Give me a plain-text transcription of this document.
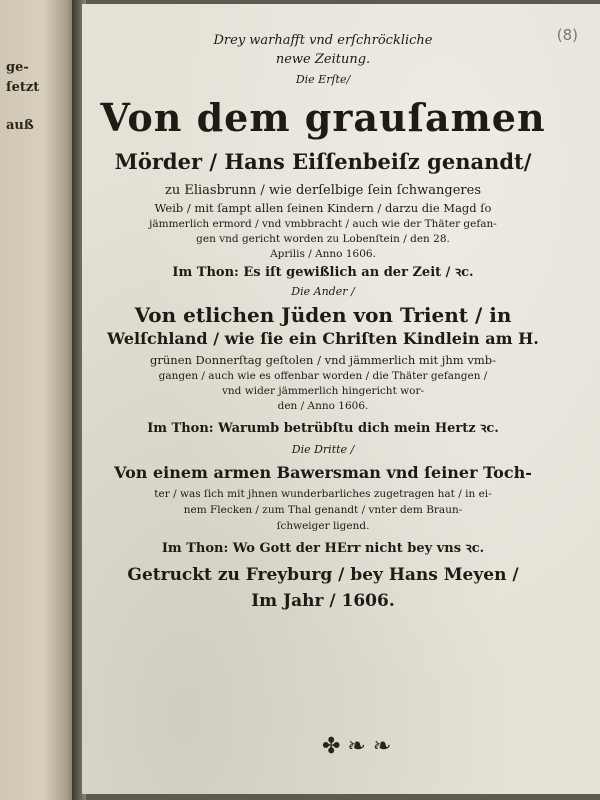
ge-
ſetzt
auß
(8)
Drey warhafft vnd erſchröckliche
newe Zeitung.
Die Erſte/
Von dem grauſamen
Mörder / Hans Eiſſenbeiſz genandt/
zu Eliasbrunn / wie derſelbige ſein ſchwangeres
Weib / mit ſampt allen ſeinen Kindern / darzu die Magd ſo
jämmerlich ermord / vnd vmbbracht / auch wie der Thäter gefan-
gen vnd gericht worden zu Lobenſtein / den 28.
Aprilis / Anno 1606.
Im Thon: Es iſt gewißlich an der Zeit / ꝛc.
Die Ander /
Von etlichen Jüden von Trient / in
Welſchland / wie ſie ein Chriſten Kindlein am H.
grünen Donnerſtag geſtolen / vnd jämmerlich mit jhm vmb-
gangen / auch wie es offenbar worden / die Thäter gefangen /
vnd wider jämmerlich hingericht wor-
den / Anno 1606.
Im Thon: Warumb betrübſtu dich mein Hertz ꝛc.
Die Dritte /
Von einem armen Bawersman vnd ſeiner Toch-
ter / was ſich mit jhnen wunderbarliches zugetragen hat / in ei-
nem Flecken / zum Thal genandt / vnter dem Braun-
ſchweiger ligend.
Im Thon: Wo Gott der HErr nicht bey vns ꝛc.
Getruckt zu Freyburg / bey Hans Meyen /
Im Jahr / 1606.
✤ ❧ ❧
